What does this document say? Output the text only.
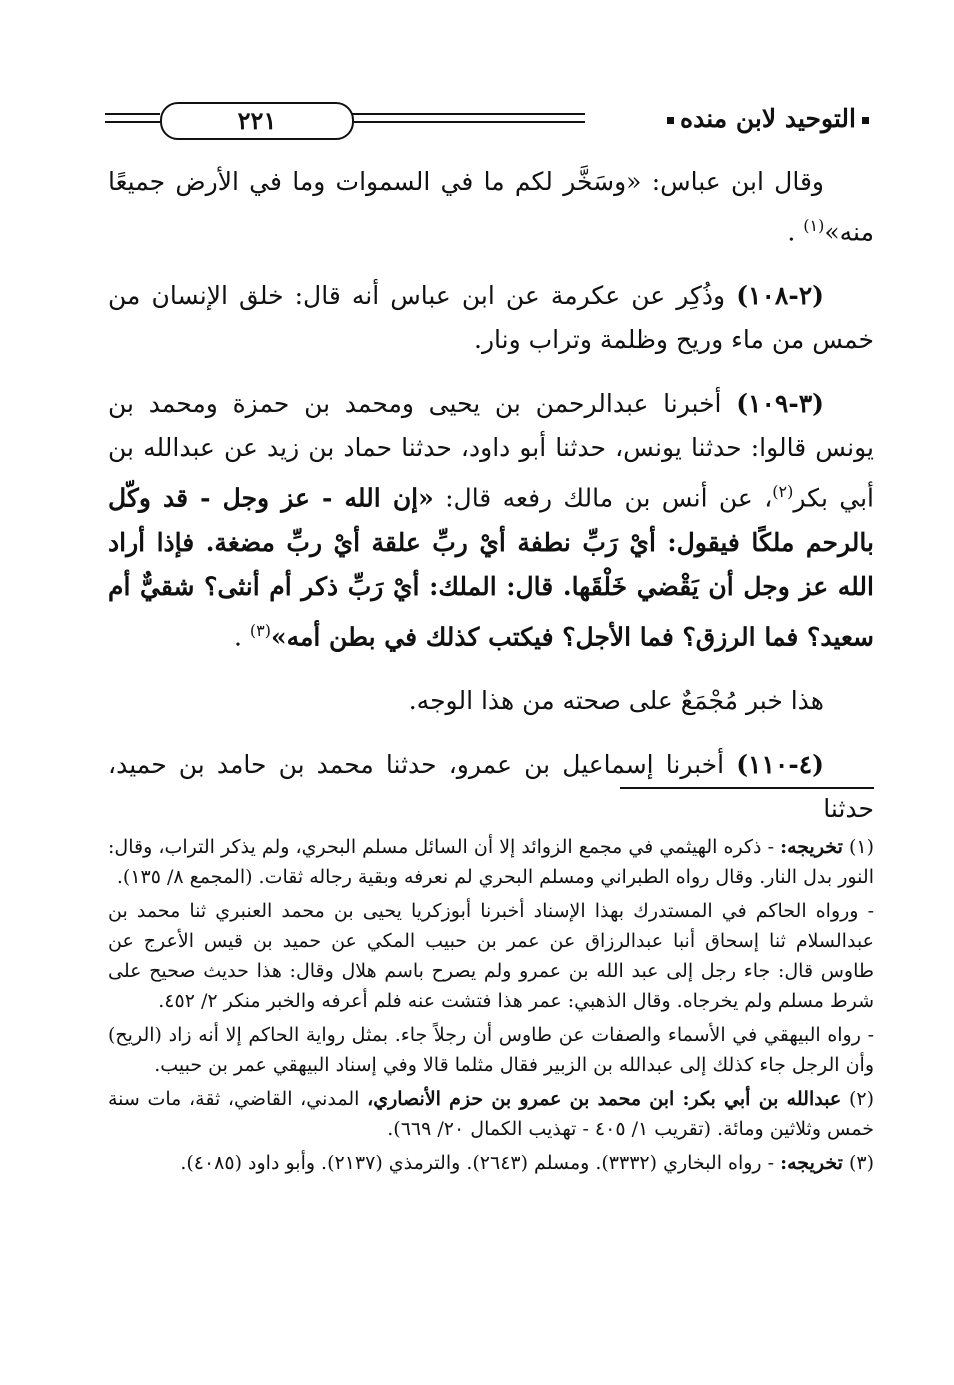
التوحيد لابن منده
٢٢١

وقال ابن عباس: «وسَخَّر لكم ما في السموات وما في الأرض جميعًا منه»$^{(١)}$ .

(٢-١٠٨) وذُكِر عن عكرمة عن ابن عباس أنه قال: خلق الإنسان من خمس من ماء وريح وظلمة وتراب ونار.

(٣-١٠٩) أخبرنا عبدالرحمن بن يحيى ومحمد بن حمزة ومحمد بن يونس قالوا: حدثنا يونس، حدثنا أبو داود، حدثنا حماد بن زيد عن عبدالله بن أبي بكر$^{(٢)}$، عن أنس بن مالك رفعه قال: «إن الله - عز وجل - قد وكّل بالرحم ملكًا فيقول: أيْ رَبِّ نطفة أيْ ربِّ علقة أيْ ربِّ مضغة. فإذا أراد الله عز وجل أن يَقْضي خَلْقَها. قال: الملك: أيْ رَبِّ ذكر أم أنثى؟ شقيٌّ أم سعيد؟ فما الرزق؟ فما الأجل؟ فيكتب كذلك في بطن أمه»$^{(٣)}$ .

هذا خبر مُجْمَعٌ على صحته من هذا الوجه.

(٤-١١٠) أخبرنا إسماعيل بن عمرو، حدثنا محمد بن حامد بن حميد، حدثنا

(١) تخريجه: - ذكره الهيثمي في مجمع الزوائد إلا أن السائل مسلم البحري، ولم يذكر التراب، وقال: النور بدل النار. وقال رواه الطبراني ومسلم البحري لم نعرفه وبقية رجاله ثقات. (المجمع ٨/ ١٣٥).

- ورواه الحاكم في المستدرك بهذا الإسناد أخبرنا أبوزكريا يحيى بن محمد العنبري ثنا محمد بن عبدالسلام ثنا إسحاق أنبا عبدالرزاق عن عمر بن حبيب المكي عن حميد بن قيس الأعرج عن طاوس قال: جاء رجل إلى عبد الله بن عمرو ولم يصرح باسم هلال وقال: هذا حديث صحيح على شرط مسلم ولم يخرجاه. وقال الذهبي: عمر هذا فتشت عنه فلم أعرفه والخبر منكر ٢/ ٤٥٢.

- رواه البيهقي في الأسماء والصفات عن طاوس أن رجلاً جاء. بمثل رواية الحاكم إلا أنه زاد (الريح) وأن الرجل جاء كذلك إلى عبدالله بن الزبير فقال مثلما قالا وفي إسناد البيهقي عمر بن حبيب.

(٢) عبدالله بن أبي بكر: ابن محمد بن عمرو بن حزم الأنصاري، المدني، القاضي، ثقة، مات سنة خمس وثلاثين ومائة. (تقريب ١/ ٤٠٥ - تهذيب الكمال ٢٠/ ٦٦٩).

(٣) تخريجه: - رواه البخاري (٣٣٣٢). ومسلم (٢٦٤٣). والترمذي (٢١٣٧). وأبو داود (٤٠٨٥).
